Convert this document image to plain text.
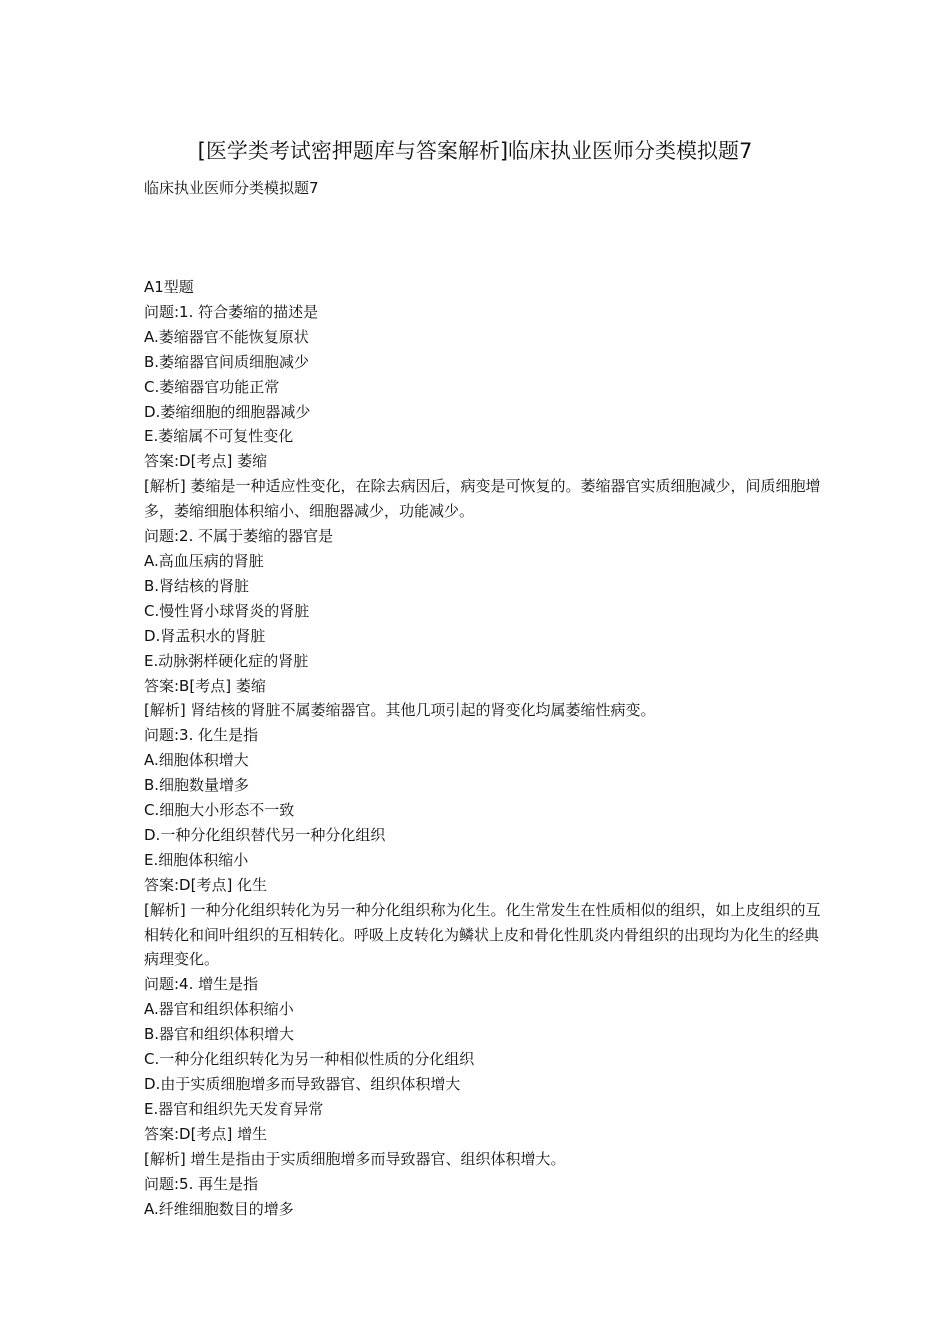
[医学类考试密押题库与答案解析]临床执业医师分类模拟题7
临床执业医师分类模拟题7
A1型题
问题:1. 符合萎缩的描述是
A.萎缩器官不能恢复原状
B.萎缩器官间质细胞减少
C.萎缩器官功能正常
D.萎缩细胞的细胞器减少
E.萎缩属不可复性变化
答案:D[考点] 萎缩
[解析] 萎缩是一种适应性变化，在除去病因后，病变是可恢复的。萎缩器官实质细胞减少，间质细胞增多，萎缩细胞体积缩小、细胞器减少，功能减少。
问题:2. 不属于萎缩的器官是
A.高血压病的肾脏
B.肾结核的肾脏
C.慢性肾小球肾炎的肾脏
D.肾盂积水的肾脏
E.动脉粥样硬化症的肾脏
答案:B[考点] 萎缩
[解析] 肾结核的肾脏不属萎缩器官。其他几项引起的肾变化均属萎缩性病变。
问题:3. 化生是指
A.细胞体积增大
B.细胞数量增多
C.细胞大小形态不一致
D.一种分化组织替代另一种分化组织
E.细胞体积缩小
答案:D[考点] 化生
[解析] 一种分化组织转化为另一种分化组织称为化生。化生常发生在性质相似的组织，如上皮组织的互相转化和间叶组织的互相转化。呼吸上皮转化为鳞状上皮和骨化性肌炎内骨组织的出现均为化生的经典病理变化。
问题:4. 增生是指
A.器官和组织体积缩小
B.器官和组织体积增大
C.一种分化组织转化为另一种相似性质的分化组织
D.由于实质细胞增多而导致器官、组织体积增大
E.器官和组织先天发育异常
答案:D[考点] 增生
[解析] 增生是指由于实质细胞增多而导致器官、组织体积增大。
问题:5. 再生是指
A.纤维细胞数目的增多
